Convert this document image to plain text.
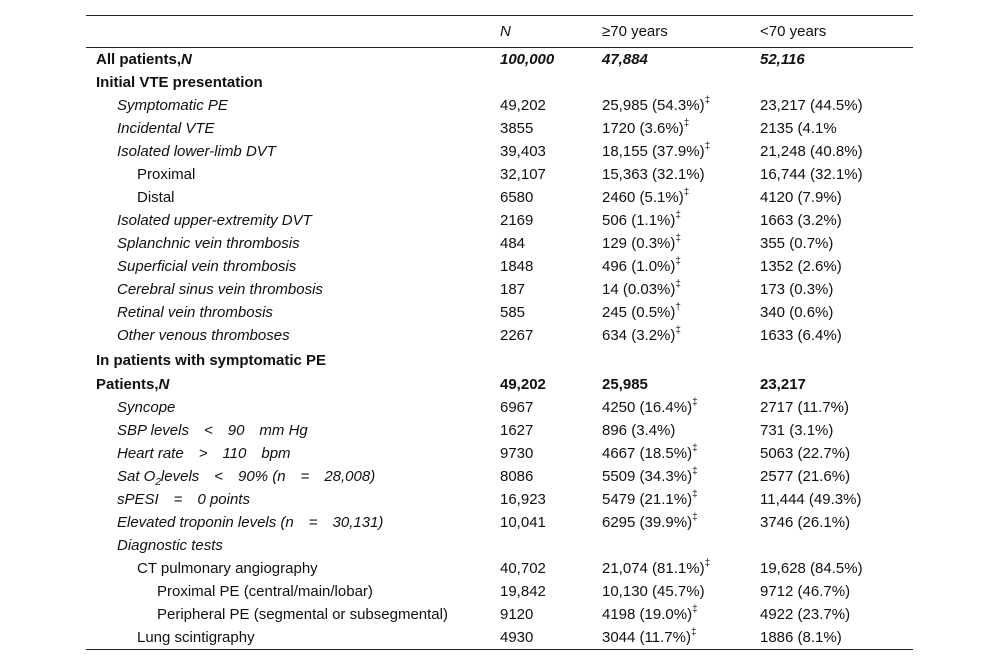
	N	≥70 years	<70 years
All patients,N	100,000	47,884	52,116
Initial VTE presentation			
Symptomatic PE	49,202	25,985 (54.3%)‡	23,217 (44.5%)
Incidental VTE	3855	1720 (3.6%)‡	2135 (4.1%
Isolated lower-limb DVT	39,403	18,155 (37.9%)‡	21,248 (40.8%)
Proximal	32,107	15,363 (32.1%)	16,744 (32.1%)
Distal	6580	2460 (5.1%)‡	4120 (7.9%)
Isolated upper-extremity DVT	2169	506 (1.1%)‡	1663 (3.2%)
Splanchnic vein thrombosis	484	129 (0.3%)‡	355 (0.7%)
Superficial vein thrombosis	1848	496 (1.0%)‡	1352 (2.6%)
Cerebral sinus vein thrombosis	187	14 (0.03%)‡	173 (0.3%)
Retinal vein thrombosis	585	245 (0.5%)†	340 (0.6%)
Other venous thromboses	2267	634 (3.2%)‡	1633 (6.4%)
In patients with symptomatic PE			
Patients,N	49,202	25,985	23,217
Syncope	6967	4250 (16.4%)‡	2717 (11.7%)
SBP levels  <  90  mm Hg	1627	896 (3.4%)	731 (3.1%)
Heart rate  >  110  bpm	9730	4667 (18.5%)‡	5063 (22.7%)
Sat $O_2levels$  <  90% (n  =  28,008)	8086	5509 (34.3%)‡	2577 (21.6%)
sPESI  =  0 points	16,923	5479 (21.1%)‡	11,444 (49.3%)
Elevated troponin levels (n  =  30,131)	10,041	6295 (39.9%)‡	3746 (26.1%)
Diagnostic tests			
CT pulmonary angiography	40,702	21,074 (81.1%)‡	19,628 (84.5%)
Proximal PE (central/main/lobar)	19,842	10,130 (45.7%)	9712 (46.7%)
Peripheral PE (segmental or subsegmental)	9120	4198 (19.0%)‡	4922 (23.7%)
Lung scintigraphy	4930	3044 (11.7%)‡	1886 (8.1%)
